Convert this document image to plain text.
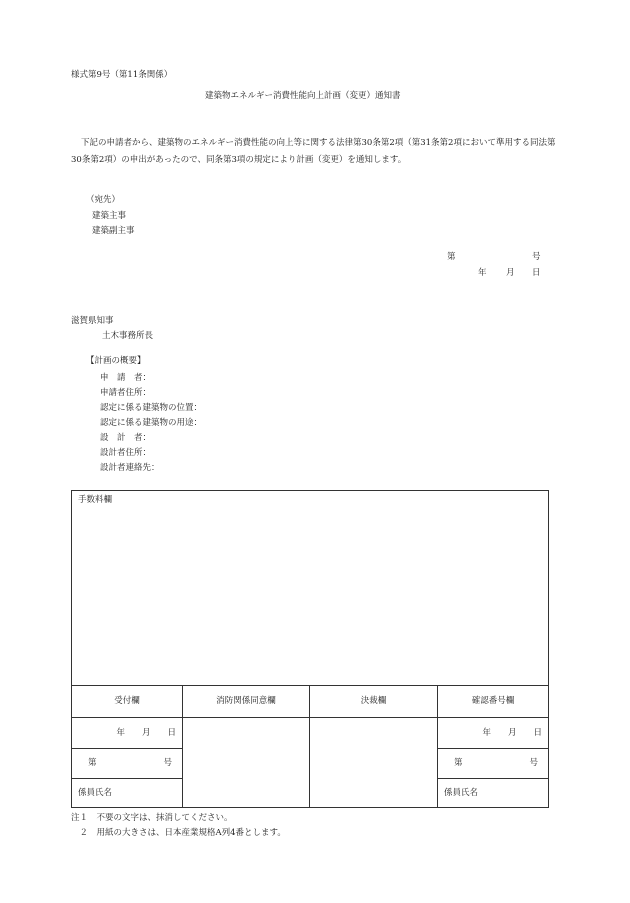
様式第9号（第11条関係）
建築物エネルギー消費性能向上計画（変更）通知書
下記の申請者から、建築物のエネルギー消費性能の向上等に関する法律第30条第2項（第31条第2項において準用する同法第30条第2項）の申出があったので、同条第3項の規定により計画（変更）を通知します。
（宛先）
建築主事
建築副主事
第	号
年 月 日
滋賀県知事
土木事務所長
【計画の概要】
申　請　者：
申請者住所：
認定に係る建築物の位置：
認定に係る建築物の用途：
設　計　者：
設計者住所：
設計者連絡先：
手数料欄			
受付欄	消防関係同意欄	決裁欄	確認番号欄
年　　月　　日			年　　月　　日

第 号			第 号

係員氏名			係員氏名
注１　不要の文字は、抹消してください。
　２　用紙の大きさは、日本産業規格A列4番とします。
